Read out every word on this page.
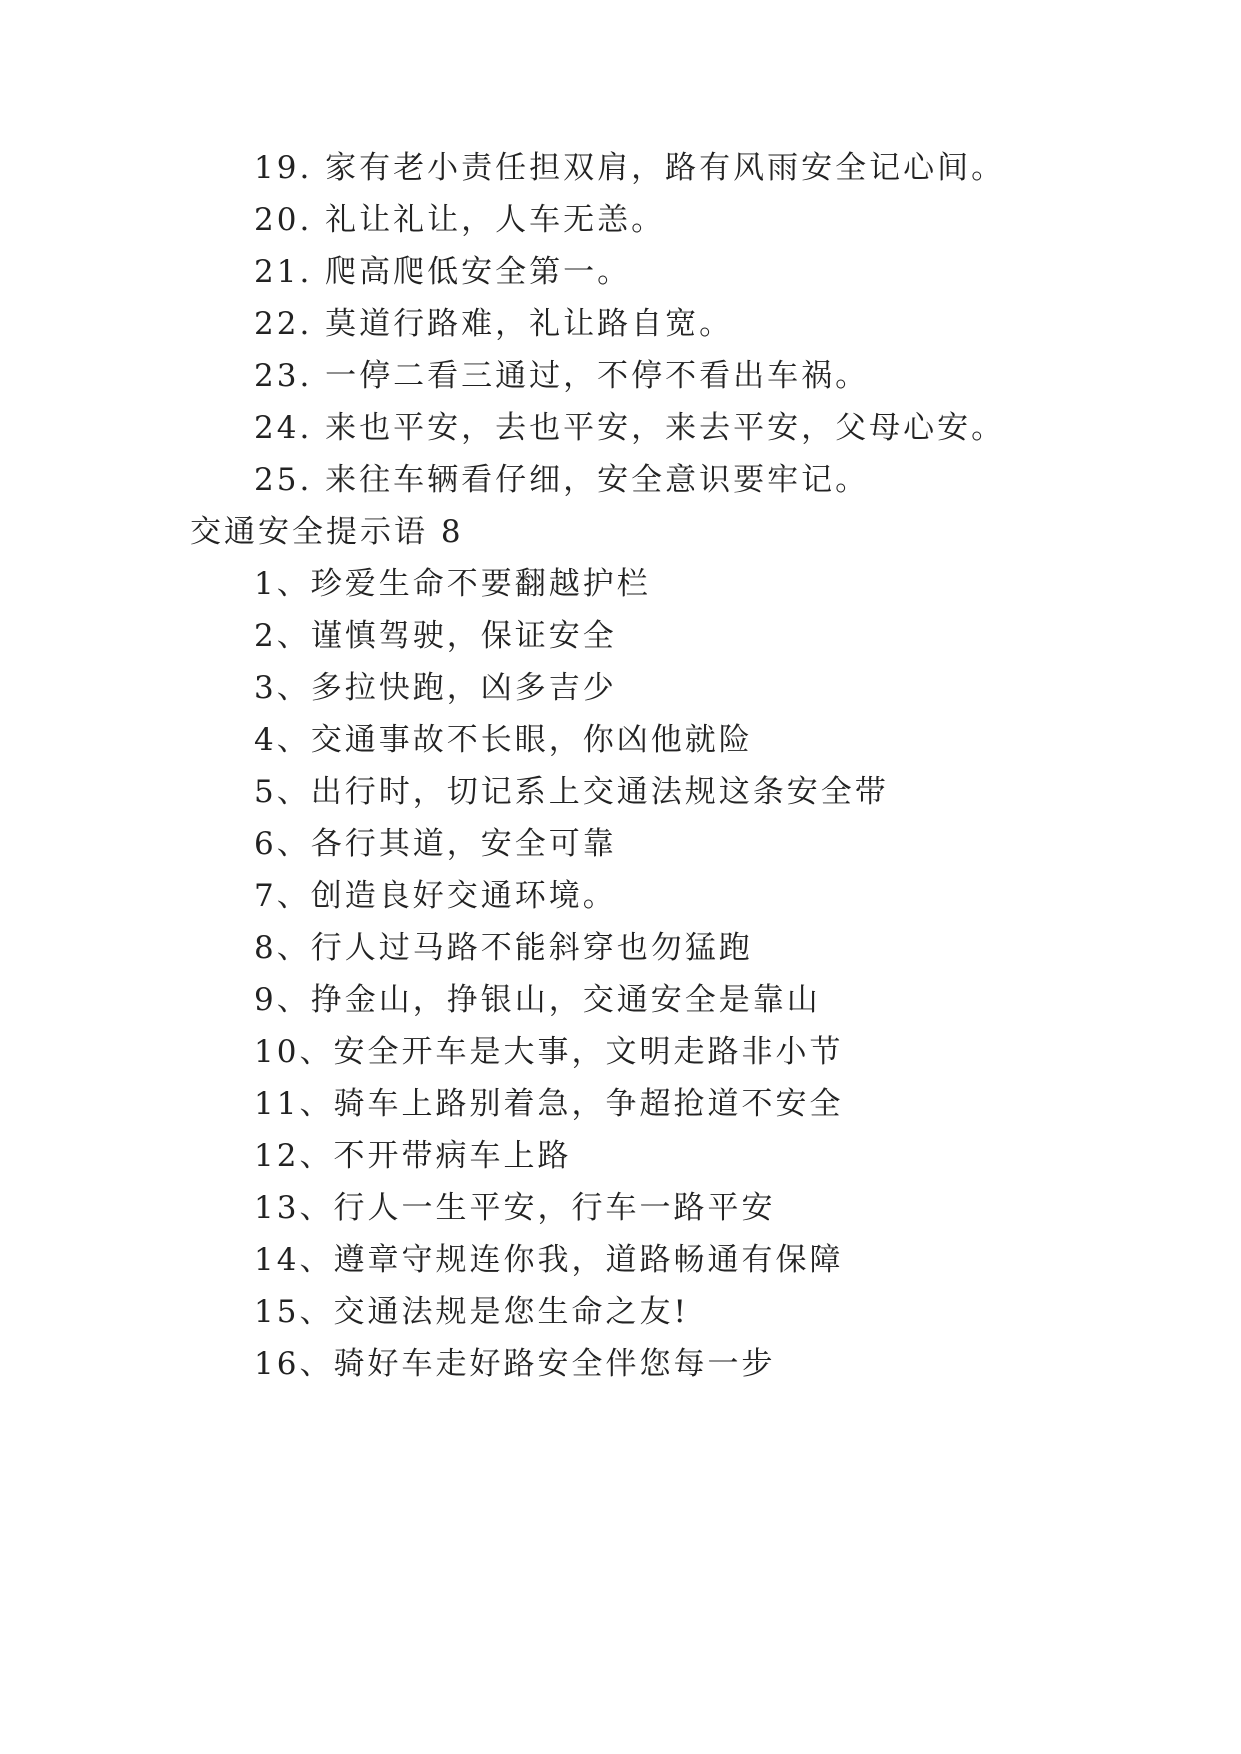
19. 家有老小责任担双肩，路有风雨安全记心间。
20. 礼让礼让，人车无恙。
21. 爬高爬低安全第一。
22. 莫道行路难，礼让路自宽。
23. 一停二看三通过，不停不看出车祸。
24. 来也平安，去也平安，来去平安，父母心安。
25. 来往车辆看仔细，安全意识要牢记。
交通安全提示语 8
1、珍爱生命不要翻越护栏
2、谨慎驾驶，保证安全
3、多拉快跑，凶多吉少
4、交通事故不长眼，你凶他就险
5、出行时，切记系上交通法规这条安全带
6、各行其道，安全可靠
7、创造良好交通环境。
8、行人过马路不能斜穿也勿猛跑
9、挣金山，挣银山，交通安全是靠山
10、安全开车是大事，文明走路非小节
11、骑车上路别着急，争超抢道不安全
12、不开带病车上路
13、行人一生平安，行车一路平安
14、遵章守规连你我，道路畅通有保障
15、交通法规是您生命之友!
16、骑好车走好路安全伴您每一步
